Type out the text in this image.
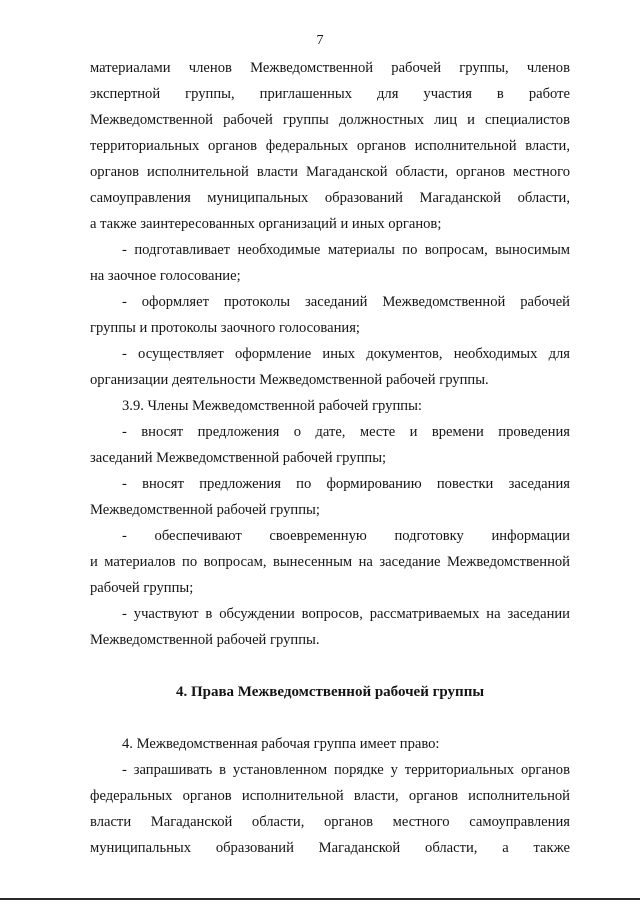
7
материалами членов Межведомственной рабочей группы, членов
экспертной группы, приглашенных для участия в работе
Межведомственной рабочей группы должностных лиц и специалистов
территориальных органов федеральных органов исполнительной власти,
органов исполнительной власти Магаданской области, органов местного
самоуправления муниципальных образований Магаданской области,
а также заинтересованных организаций и иных органов;
- подготавливает необходимые материалы по вопросам, выносимым
на заочное голосование;
- оформляет протоколы заседаний Межведомственной рабочей
группы и протоколы заочного голосования;
- осуществляет оформление иных документов, необходимых для
организации деятельности Межведомственной рабочей группы.
3.9. Члены Межведомственной рабочей группы:
- вносят предложения о дате, месте и времени проведения
заседаний Межведомственной рабочей группы;
- вносят предложения по формированию повестки заседания
Межведомственной рабочей группы;
- обеспечивают своевременную подготовку информации
и материалов по вопросам, вынесенным на заседание Межведомственной
рабочей группы;
- участвуют в обсуждении вопросов, рассматриваемых на заседании
Межведомственной рабочей группы.
4. Права Межведомственной рабочей группы
4. Межведомственная рабочая группа имеет право:
- запрашивать в установленном порядке у территориальных органов
федеральных органов исполнительной власти, органов исполнительной
власти Магаданской области, органов местного самоуправления
муниципальных образований Магаданской области, а также
